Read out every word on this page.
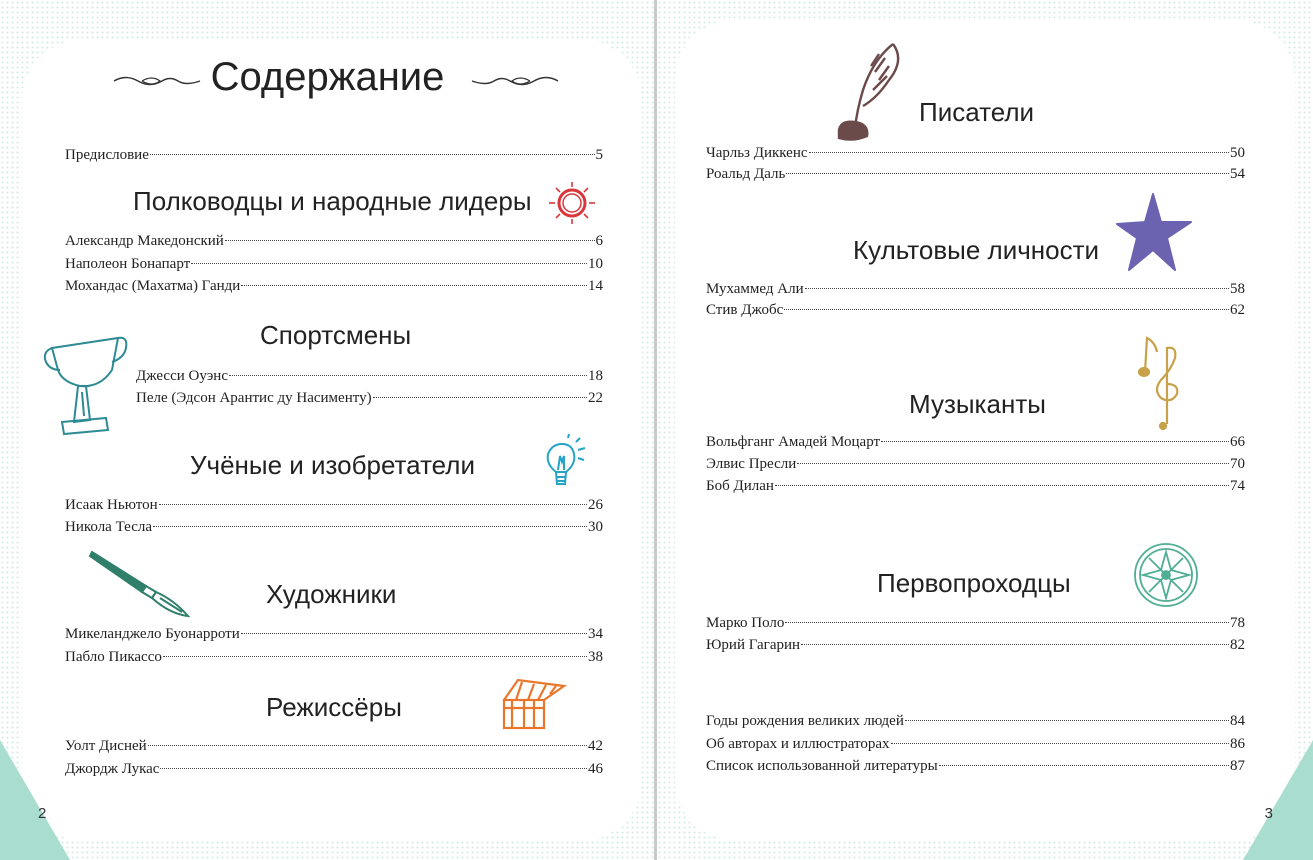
2
Содержание
Предисловие	5
Полководцы и народные лидеры
Александр Македонский	6
Наполеон Бонапарт	10
Мохандас (Махатма) Ганди	14
Спортсмены
Джесси Оуэнс	18
Пеле (Эдсон Арантис ду Насименту)	22
Учёные и изобретатели
Исаак Ньютон	26
Никола Тесла	30
Художники
Микеланджело Буонарроти	34
Пабло Пикассо	38
Режиссёры
Уолт Дисней	42
Джордж Лукас	46
3
Писатели
Чарльз Диккенс	50
Роальд Даль	54
Культовые личности
Мухаммед Али	58
Стив Джобс	62
Музыканты
Вольфганг Амадей Моцарт	66
Элвис Пресли	70
Боб Дилан	74
Первопроходцы
Марко Поло	78
Юрий Гагарин	82
Годы рождения великих людей	84
Об авторах и иллюстраторах	86
Список использованной литературы	87
